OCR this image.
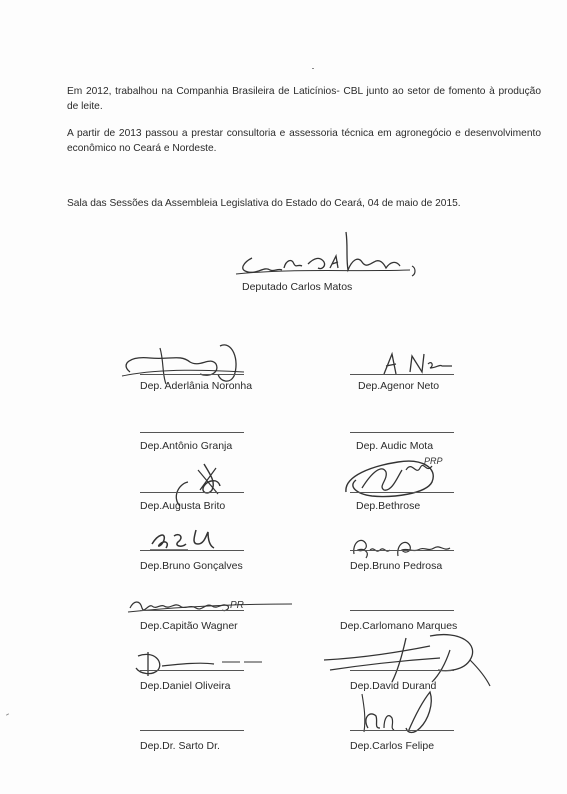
Em 2012, trabalhou na Companhia Brasileira de Laticínios- CBL junto ao setor de fomento à produção de leite.

A partir de 2013 passou a prestar consultoria e assessoria técnica em agronegócio e desenvolvimento econômico no Ceará e Nordeste.

Sala das Sessões da Assembleia Legislativa do Estado do Ceará, 04 de maio de 2015.

Deputado Carlos Matos
Dep. Aderlânia Noronha
Dep.Antônio Granja
Dep.Augusta Brito
Dep.Bruno Gonçalves
PR
Dep.Capitão Wagner
Dep.Daniel Oliveira
Dep.Dr. Sarto Dr.
Dep.Agenor Neto
Dep. Audic Mota
PRP
Dep.Bethrose
Dep.Bruno Pedrosa
Dep.Carlomano Marques
Dep.David Durand
Dep.Carlos Felipe
